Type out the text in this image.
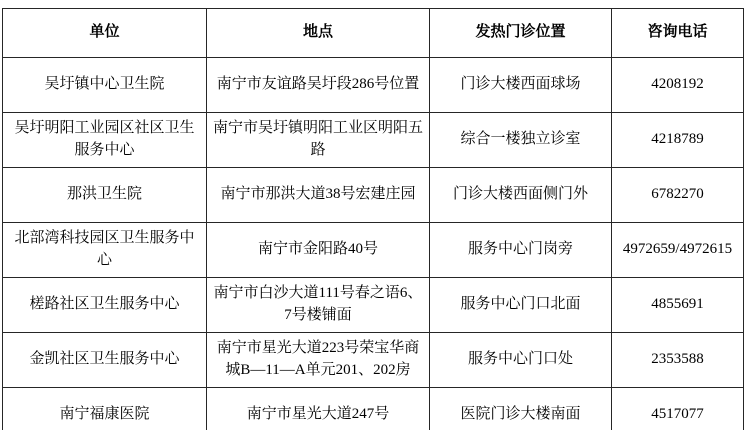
单位	地点	发热门诊位置	咨询电话
吴圩镇中心卫生院	南宁市友谊路吴圩段286号位置	门诊大楼西面球场	4208192
吴圩明阳工业园区社区卫生服务中心	南宁市吴圩镇明阳工业区明阳五路	综合一楼独立诊室	4218789
那洪卫生院	南宁市那洪大道38号宏建庄园	门诊大楼西面侧门外	6782270
北部湾科技园区卫生服务中心	南宁市金阳路40号	服务中心门岗旁	4972659/4972615
槎路社区卫生服务中心	南宁市白沙大道111号春之语6、7号楼铺面	服务中心门口北面	4855691
金凯社区卫生服务中心	南宁市星光大道223号荣宝华商城B—11—A单元201、202房	服务中心门口处	2353588
南宁福康医院	南宁市星光大道247号	医院门诊大楼南面	4517077
